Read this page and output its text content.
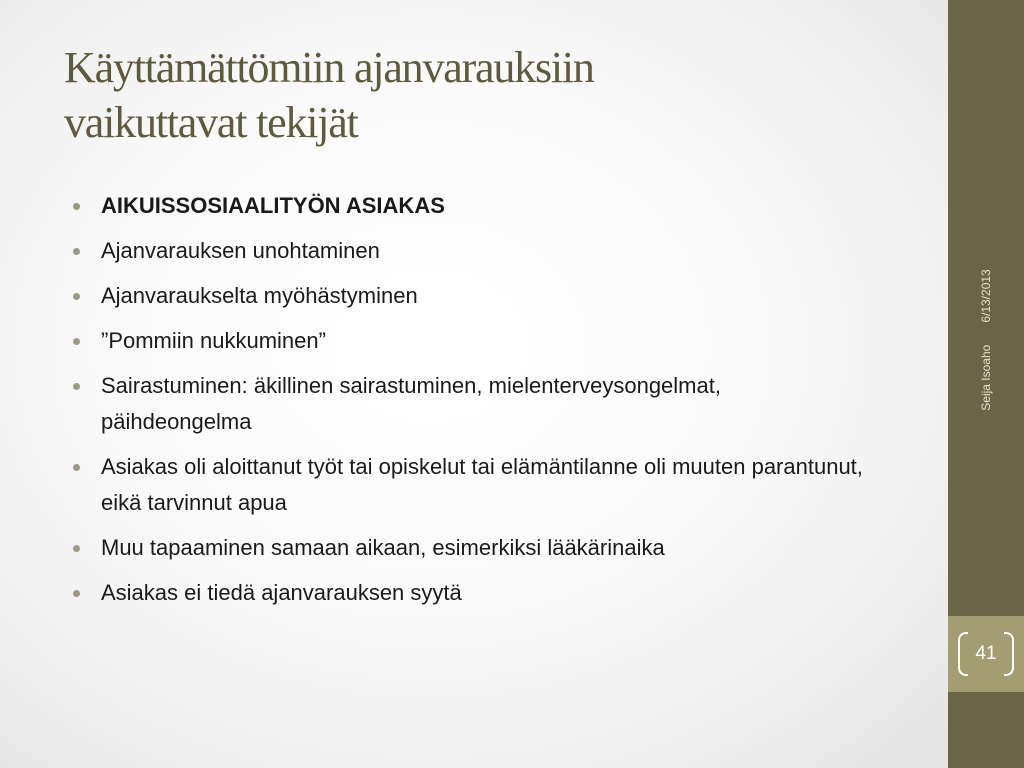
Käyttämättömiin ajanvarauksiin
vaikuttavat tekijät
AIKUISSOSIAALITYÖN ASIAKAS
Ajanvarauksen unohtaminen
Ajanvaraukselta myöhästyminen
”Pommiin nukkuminen”
Sairastuminen: äkillinen sairastuminen, mielenterveysongelmat, päihdeongelma
Asiakas oli aloittanut työt tai opiskelut tai elämäntilanne oli muuten parantunut, eikä tarvinnut apua
Muu tapaaminen samaan aikaan, esimerkiksi lääkärinaika
Asiakas ei tiedä ajanvarauksen syytä
Seija Isoaho6/13/2013
41
